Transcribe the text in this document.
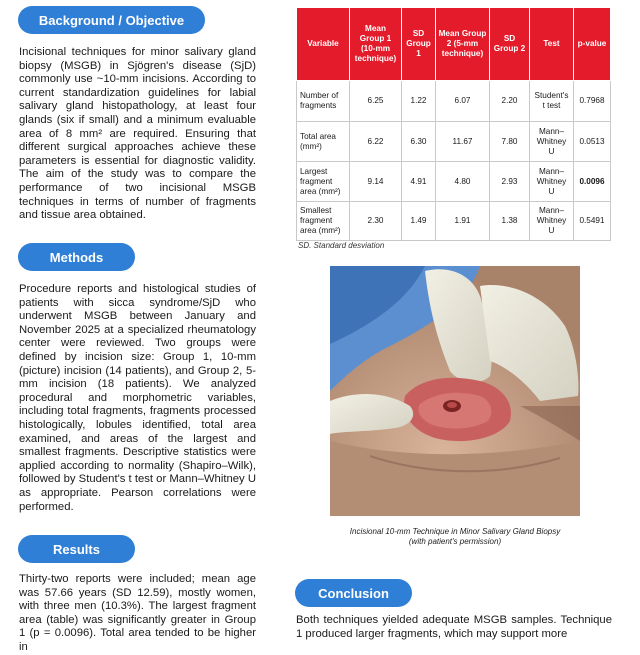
Background / Objective
Incisional techniques for minor salivary gland biopsy (MSGB) in Sjögren's disease (SjD) commonly use ~10-mm incisions. According to current standardization guidelines for labial salivary gland histopathology, at least four glands (six if small) and a minimum evaluable area of 8 mm² are required. Ensuring that different surgical approaches achieve these parameters is essential for diagnostic validity. The aim of the study was to compare the performance of two incisional MSGB techniques in terms of number of fragments and tissue area obtained.
Methods
Procedure reports and histological studies of patients with sicca syndrome/SjD who underwent MSGB between January and November 2025 at a specialized rheumatology center were reviewed. Two groups were defined by incision size: Group 1, 10-mm (picture) incision (14 patients), and Group 2, 5-mm incision (18 patients). We analyzed procedural and morphometric variables, including total fragments, fragments processed histologically, lobules identified, total area examined, and areas of the largest and smallest fragments. Descriptive statistics were applied according to normality (Shapiro–Wilk), followed by Student's t test or Mann–Whitney U as appropriate. Pearson correlations were performed.
Results
Thirty-two reports were included; mean age was 57.66 years (SD 12.59), mostly women, with three men (10.3%). The largest fragment area (table) was significantly greater in Group 1 (p = 0.0096). Total area tended to be higher in
Variable	Mean Group 1 (10-mm technique)	SD Group 1	Mean Group 2 (5-mm technique)	SD Group 2	Test	p-value
Number of fragments	6.25	1.22	6.07	2.20	Student's t test	0.7968
Total area (mm²)	6.22	6.30	11.67	7.80	Mann–Whitney U	0.0513
Largest fragment area (mm²)	9.14	4.91	4.80	2.93	Mann–Whitney U	0.0096
Smallest fragment area (mm²)	2.30	1.49	1.91	1.38	Mann–Whitney U	0.5491
SD. Standard desviation
Incisional 10-mm Technique in Minor Salivary Gland Biopsy
(with patient's permission)
Conclusion
Both techniques yielded adequate MSGB samples. Technique 1 produced larger fragments, which may support more
